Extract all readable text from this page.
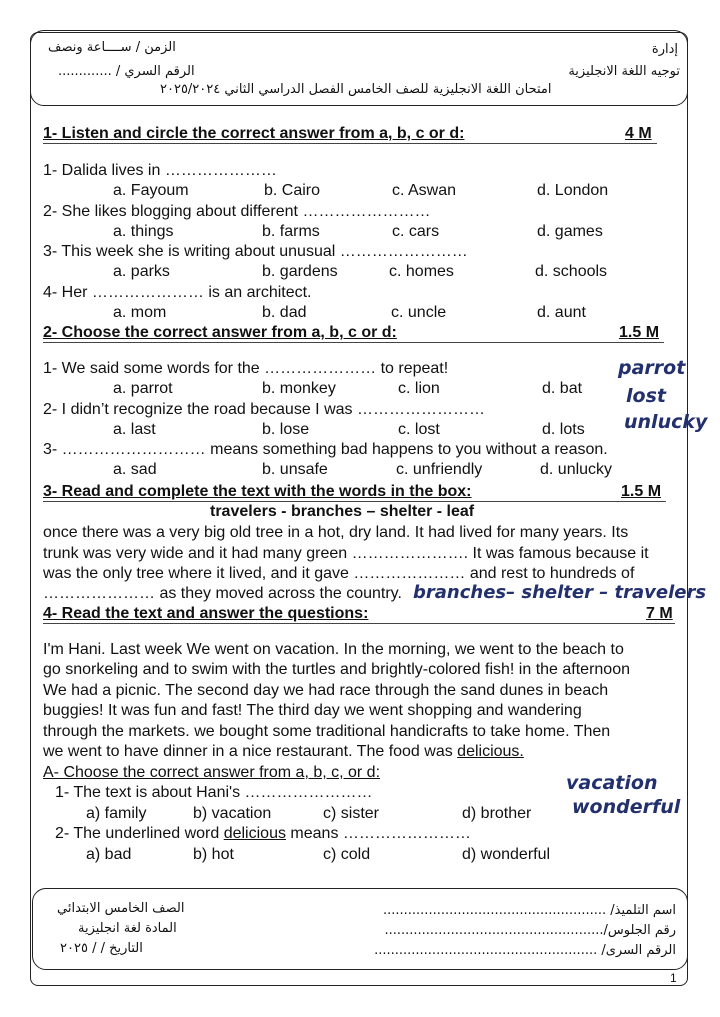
الزمن / ســــاعة ونصف
الرقم السري / .............
إدارة
توجيه اللغة الانجليزية
امتحان اللغة الانجليزية للصف الخامس الفصل الدراسي الثاني ٢٠٢٥/٢٠٢٤
1- Listen and circle the correct answer from a, b, c or d:	4 M
1- Dalida lives in …………………
a. Fayoum	b. Cairo	c. Aswan	d. London
2- She likes blogging about different ……………………
a. things	b. farms	c. cars	d. games
3- This week she is writing about unusual ……………………
a. parks	b. gardens	c. homes	d. schools
4- Her ………………… is an architect.
a. mom	b. dad	c. uncle	d. aunt
2- Choose the correct answer from a, b, c or d:	1.5 M
1- We said some words for the ………………… to repeat!
a. parrot	b. monkey	c. lion	d. bat
2- I didn’t recognize the road because I was ……………………
a. last	b. lose	c. lost	d. lots
3- ……………………… means something bad happens to you without a reason.
a. sad	b. unsafe	c. unfriendly	d. unlucky
parrot
lost
unlucky
3- Read and complete the text with the words in the box:	1.5 M
travelers - branches – shelter - leaf
once there was a very big old tree in a hot, dry land. It had lived for many years. Its
trunk was very wide and it had many green …………………. It was famous because it
was the only tree where it lived, and it gave ………………… and rest to hundreds of
………………… as they moved across the country. branches– shelter – travelers
4- Read the text and answer the questions:	7 M
I'm Hani. Last week We went on vacation. In the morning, we went to the beach to
go snorkeling and to swim with the turtles and brightly-colored fish! in the afternoon
We had a picnic. The second day we had race through the sand dunes in beach
buggies! It was fun and fast! The third day we went shopping and wandering
through the markets. we bought some traditional handicrafts to take home. Then
we went to have dinner in a nice restaurant. The food was delicious.
A- Choose the correct answer from a, b, c, or d:
1- The text is about Hani's ……………………
a) family	b) vacation	c) sister	d) brother
2- The underlined word delicious means ……………………
a) bad	b) hot	c) cold	d) wonderful
vacation
wonderful
الصف الخامس الابتدائي
المادة لغة انجليزية
التاريخ / / ٢٠٢٥
اسم التلميذ/ ......................................................
رقم الجلوس/.....................................................
الرقم السرى/ ......................................................
1
